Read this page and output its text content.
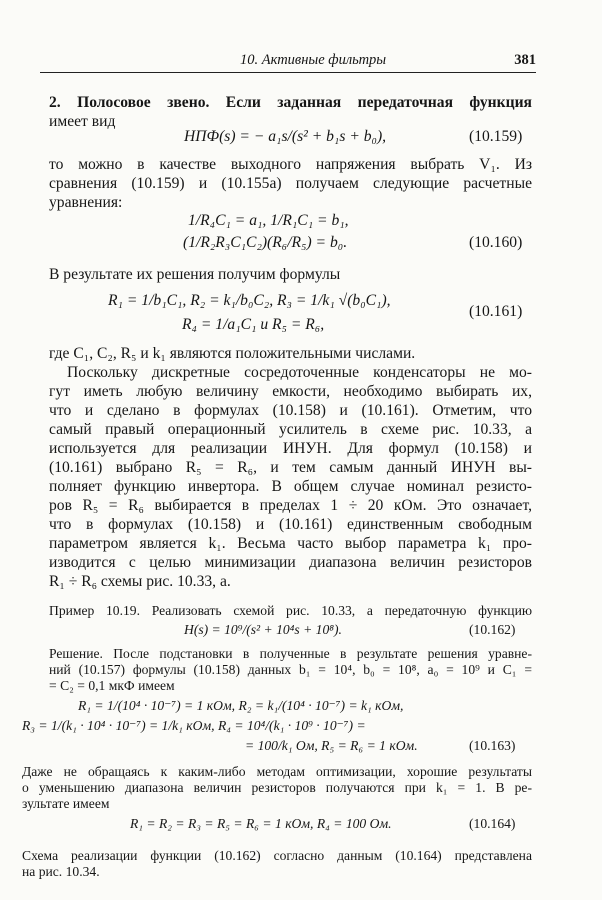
10. Активные фильтры	381
2. Полосовое звено. Если заданная передаточная функция
имеет вид
HПФ(s) = − a₁s/(s² + b₁s + b₀),	(10.159)
то можно в качестве выходного напряжения выбрать V₁. Из
сравнения (10.159) и (10.155а) получаем следующие расчетные
уравнения:
1/R₄C₁ = a₁, 1/R₁C₁ = b₁,
(1/R₂R₃C₁C₂)(R₆/R₅) = b₀.	(10.160)
В результате их решения получим формулы
R₁ = 1/b₁C₁, R₂ = k₁/b₀C₂, R₃ = 1/k₁ √(b₀C₁),
R₄ = 1/a₁C₁ и R₅ = R₆,
(10.161)
где C₁, C₂, R₅ и k₁ являются положительными числами.
Поскольку дискретные сосредоточенные конденсаторы не мо-
гут иметь любую величину емкости, необходимо выбирать их,
что и сделано в формулах (10.158) и (10.161). Отметим, что
самый правый операционный усилитель в схеме рис. 10.33, а
используется для реализации ИНУН. Для формул (10.158) и
(10.161) выбрано R₅ = R₆, и тем самым данный ИНУН вы-
полняет функцию инвертора. В общем случае номинал резисто-
ров R₅ = R₆ выбирается в пределах 1 ÷ 20 кОм. Это означает,
что в формулах (10.158) и (10.161) единственным свободным
параметром является k₁. Весьма часто выбор параметра k₁ про-
изводится с целью минимизации диапазона величин резисторов
R₁ ÷ R₆ схемы рис. 10.33, а.
Пример 10.19. Реализовать схемой рис. 10.33, а передаточную функцию
H(s) = 10⁹/(s² + 10⁴s + 10⁸).	(10.162)
Решение. После подстановки в полученные в результате решения уравне-
ний (10.157) формулы (10.158) данных b₁ = 10⁴, b₀ = 10⁸, a₀ = 10⁹ и C₁ =
= C₂ = 0,1 мкФ имеем
R₁ = 1/(10⁴ · 10⁻⁷) = 1 кОм, R₂ = k₁/(10⁴ · 10⁻⁷) = k₁ кОм,
R₃ = 1/(k₁ · 10⁴ · 10⁻⁷) = 1/k₁ кОм, R₄ = 10⁴/(k₁ · 10⁹ · 10⁻⁷) =
= 100/k₁ Ом, R₅ = R₆ = 1 кОм.	(10.163)
Даже не обращаясь к каким-либо методам оптимизации, хорошие результаты
о уменьшению диапазона величин резисторов получаются при k₁ = 1. В ре-
зультате имеем
R₁ = R₂ = R₃ = R₅ = R₆ = 1 кОм, R₄ = 100 Ом.	(10.164)
Схема реализации функции (10.162) согласно данным (10.164) представлена
на рис. 10.34.
